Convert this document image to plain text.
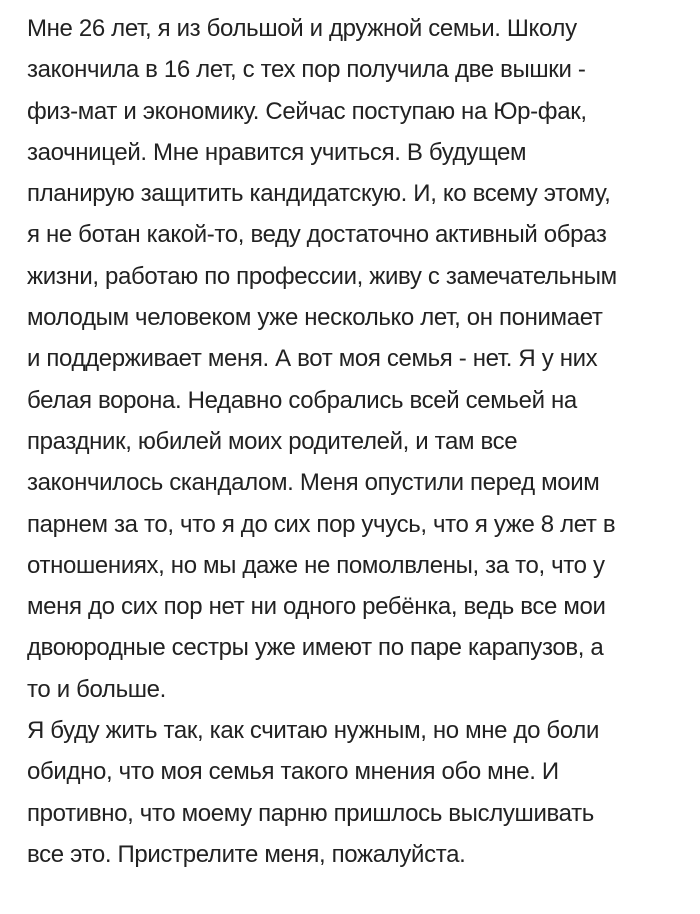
Мне 26 лет, я из большой и дружной семьи. Школу
закончила в 16 лет, с тех пор получила две вышки -
физ-мат и экономику. Сейчас поступаю на Юр-фак,
заочницей. Мне нравится учиться. В будущем
планирую защитить кандидатскую. И, ко всему этому,
я не ботан какой-то, веду достаточно активный образ
жизни, работаю по профессии, живу с замечательным
молодым человеком уже несколько лет, он понимает
и поддерживает меня. А вот моя семья - нет. Я у них
белая ворона. Недавно собрались всей семьей на
праздник, юбилей моих родителей, и там все
закончилось скандалом. Меня опустили перед моим
парнем за то, что я до сих пор учусь, что я уже 8 лет в
отношениях, но мы даже не помолвлены, за то, что у
меня до сих пор нет ни одного ребёнка, ведь все мои
двоюродные сестры уже имеют по паре карапузов, а
то и больше.
Я буду жить так, как считаю нужным, но мне до боли
обидно, что моя семья такого мнения обо мне. И
противно, что моему парню пришлось выслушивать
все это. Пристрелите меня, пожалуйста.
